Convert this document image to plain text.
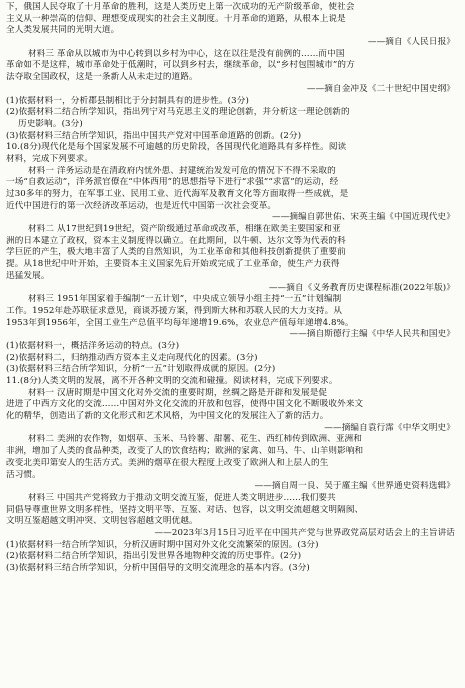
下，俄国人民夺取了十月革命的胜利，这是人类历史上第一次成功的无产阶级革命，使社会
主义从一种崇高的信仰、理想变成现实的社会主义制度。十月革命的道路，从根本上说是
全人类发展共同的光明大道。
——摘自《人民日报》
材料三 革命从以城市为中心转到以乡村为中心，这在以往是没有前例的……而中国
革命如不是这样，城市革命处于低潮时，可以到乡村去，继续革命，以“乡村包围城市”的方
法夺取全国政权，这是一条新人从未走过的道路。
——摘自金冲及《二十世纪中国史纲》
(1)依据材料一，分析郡县制相比于分封制具有的进步性。(3分)
(2)依据材料二结合所学知识，指出列宁对马克思主义的理论创新，并分析这一理论创新的
历史影响。(3分)
(3)依据材料三结合所学知识，指出中国共产党对中国革命道路的创新。(2分)
10.(8分)现代化是每个国家发展不可逾越的历史阶段，各国现代化道路具有多样性。阅读
材料，完成下列要求。
材料一 洋务运动是在清政府内忧外患、封建统治发发可危的情况下不得不采取的
一场“自救运动”，洋务派官僚在“中体西用”的思想指导下进行“求强”“求富”的运动，经
过30多年的努力，在军事工业、民用工业、近代海军及教育文化等方面取得一些成就，是
近代中国进行的第一次经济改革运动，也是近代中国第一次社会变革。
——摘编自郭世佑、宋英主编《中国近现代史》
材料二 从17世纪到19世纪，资产阶级通过革命或改革，相继在欧美主要国家和亚
洲的日本建立了政权，资本主义制度得以确立。在此期间，以牛顿、达尔文等为代表的科
学巨匠的产生，极大地丰富了人类的自然知识，为工业革命和其他科技创新提供了重要前
提。从18世纪中叶开始，主要资本主义国家先后开始或完成了工业革命，使生产力获得
迅猛发展。
——摘自《义务教育历史课程标准(2022年版)》
材料三 1951年国家着手编制“一五计划”，中央成立领导小组主持“一五”计划编制
工作。1952年赴苏联征求意见，商谈苏援方案，得到斯大林和苏联人民的大力支持。从
1953年到1956年，全国工业生产总值平均每年递增19.6%，农业总产值每年递增4.8%。
——摘自斯德行主编《中华人民共和国史》
(1)依据材料一，概括洋务运动的特点。(3分)
(2)依据材料二，归纳推动西方资本主义走向现代化的因素。(3分)
(3)依据材料三结合所学知识，分析“一五”计划取得成就的原因。(2分)
11.(8分)人类文明的发展，离不开各种文明的交流和碰撞。阅读材料，完成下列要求。
材料一 汉唐时期是中国文化对外交流的重要时期，丝绸之路是开辟和发展是促
进进了中西方文化的交流……中国对外文化交流的开放和包容，使得中国文化不断吸收外来文
化的精华，创造出了新的文化形式和艺术风格，为中国文化的发展注入了新的活力。
——摘编自袁行霈《中华文明史》
材料二 美洲的农作物，如烟草、玉米、马铃薯、甜薯、花生、西红柿传到欧洲、亚洲和
非洲，增加了人类的食品种类，改变了人的饮食结构；欧洲的家禽、如马、牛、山羊则影响和
改变北美印第安人的生活方式。美洲的烟草在很大程度上改变了欧洲人和上层人的生
活习惯。
——摘自周一良、吴于廑主编《世界通史资料选辑》
材料三 中国共产党将致力于推动文明交流互鉴，促进人类文明进步……我们要共
同倡导尊重世界文明多样性，坚持文明平等、互鉴、对话、包容，以文明交流超越文明隔阂、
文明互鉴超越文明冲突、文明包容超越文明优越。
——2023年3月15日习近平在中国共产党与世界政党高层对话会上的主旨讲话
(1)依据材料一结合所学知识，分析汉唐时期中国对外文化交流繁荣的原因。(3分)
(2)依据材料二结合所学知识，指出引发世界各地物种交流的历史事件。(2分)
(3)依据材料三结合所学知识，分析中国倡导的文明交流理念的基本内容。(3分)
